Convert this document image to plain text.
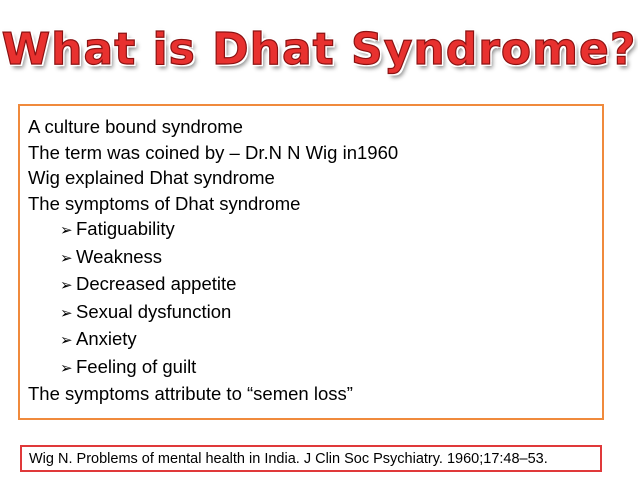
What is Dhat Syndrome?
A culture bound syndrome
The term was coined by – Dr.N N Wig in1960
Wig explained Dhat syndrome
The symptoms of Dhat syndrome
➢ Fatiguability
➢ Weakness
➢ Decreased appetite
➢ Sexual dysfunction
➢ Anxiety
➢ Feeling of guilt
The symptoms attribute to “semen loss”
Wig N. Problems of mental health in India. J Clin Soc Psychiatry. 1960;17:48–53.
